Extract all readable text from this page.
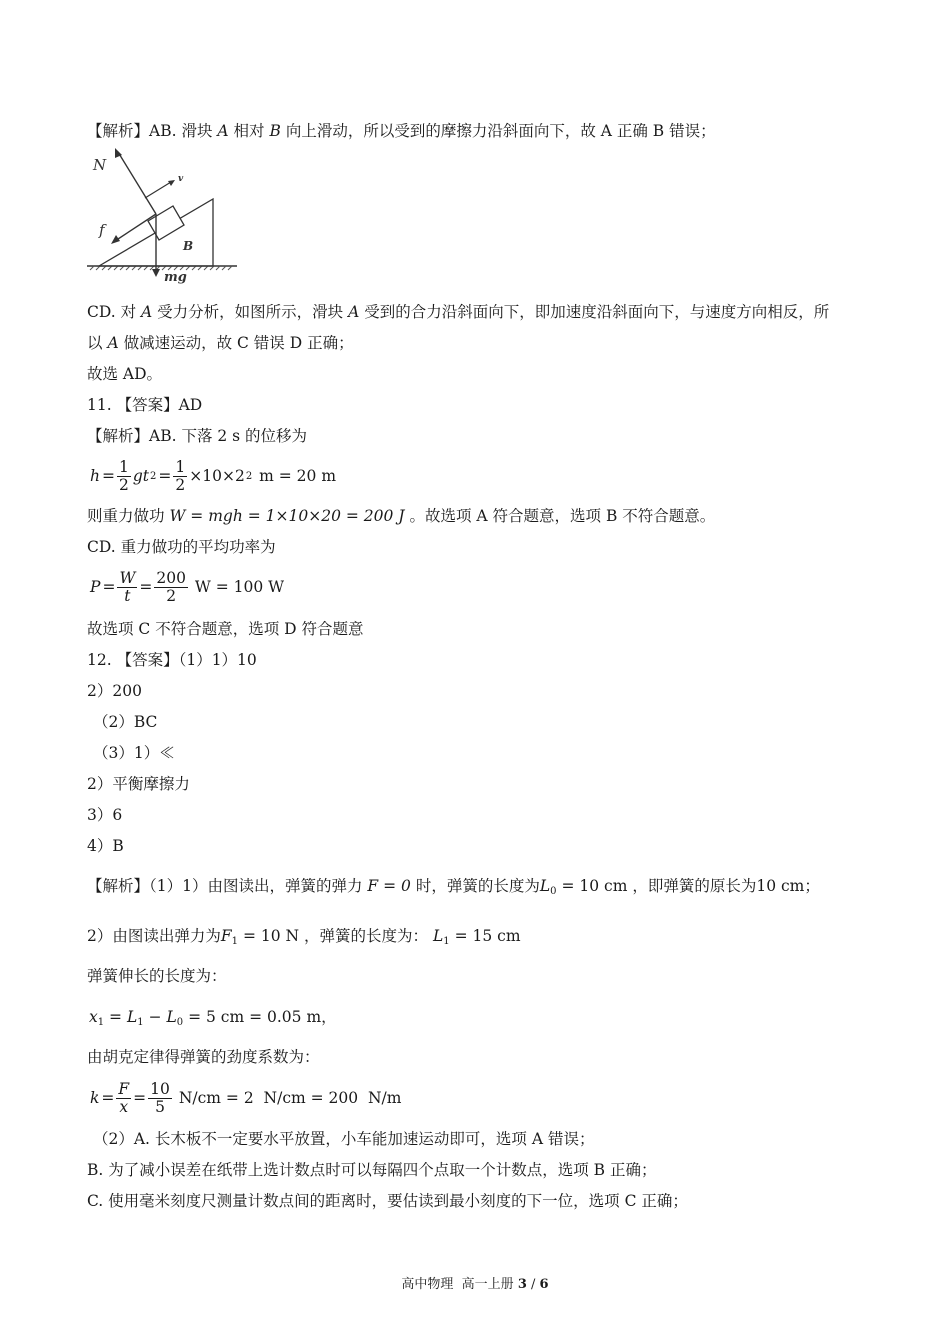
【解析】AB. 滑块 A 相对 B 向上滑动，所以受到的摩擦力沿斜面向下，故 A 正确 B 错误；
B
v
N
f
mg
CD. 对 A 受力分析，如图所示，滑块 A 受到的合力沿斜面向下，即加速度沿斜面向下，与速度方向相反，所
以 A 做减速运动，故 C 错误 D 正确；
故选 AD。
11. 【答案】AD
【解析】AB. 下落 2 s 的位移为
$h = \frac{1}{2}$ gt $2 = \frac{1}{2} \times 10\times 2$ 2 m = 20 m
则重力做功 W = mgh = 1×10×20 = 200 J 。故选项 A 符合题意，选项 B 不符合题意。
CD. 重力做功的平均功率为
$P = \frac{W}{t} = \frac{200}{2}$ W = 100 W
故选项 C 不符合题意，选项 D 符合题意
12. 【答案】（1）1）10
2）200
（2）BC
（3）1）≪
2）平衡摩擦力
3）6
4）B
【解析】（1）1）由图读出，弹簧的弹力 F = 0 时，弹簧的长度为$L_0 = 10$ cm ，即弹簧的原长为10 cm；
2）由图读出弹力为$F_1 = 10$ N ，弹簧的长度为： $L_1 = 15$ cm
弹簧伸长的长度为：
$x_1 = L_1 - L_0 = 5$ cm = 0.05 m，
由胡克定律得弹簧的劲度系数为：
$k = \frac{F}{x} = \frac{10}{5} N/cm = 2$  N/cm = 200  N/m
（2）A. 长木板不一定要水平放置，小车能加速运动即可，选项 A 错误；
B. 为了减小误差在纸带上选计数点时可以每隔四个点取一个计数点，选项 B 正确；
C. 使用毫米刻度尺测量计数点间的距离时，要估读到最小刻度的下一位，选项 C 正确；
高中物理  高一上册 3 / 6
